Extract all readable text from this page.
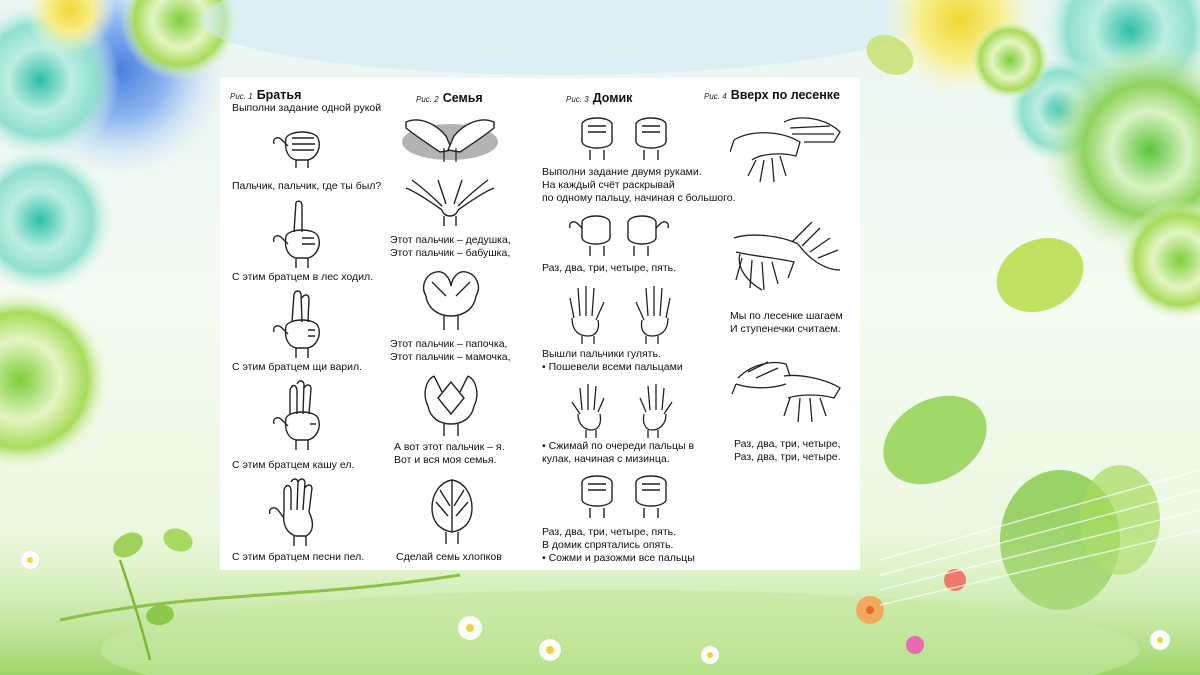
Рис. 1 Братья
Выполни задание одной рукой
Пальчик, пальчик, где ты был?
С этим братцем в лес ходил.
С этим братцем щи варил.
С этим братцем кашу ел.
С этим братцем песни пел.
Рис. 2 Семья
Этот пальчик – дедушка,
Этот пальчик – бабушка,
Этот пальчик – папочка,
Этот пальчик – мамочка,
А вот этот пальчик – я.
Вот и вся моя семья.
Сделай семь хлопков
Рис. 3 Домик
Выполни задание двумя руками.
На каждый счёт раскрывай
по одному пальцу, начиная с большого.
Раз, два, три, четыре, пять.
Вышли пальчики гулять.
• Пошевели всеми пальцами
• Сжимай по очереди пальцы в
кулак, начиная с мизинца.
Раз, два, три, четыре, пять.
В домик спрятались опять.
• Сожми и разожми все пальцы
Рис. 4 Вверх по лесенке
Мы по лесенке шагаем
И ступенечки считаем.
Раз, два, три, четыре,
Раз, два, три, четыре.
